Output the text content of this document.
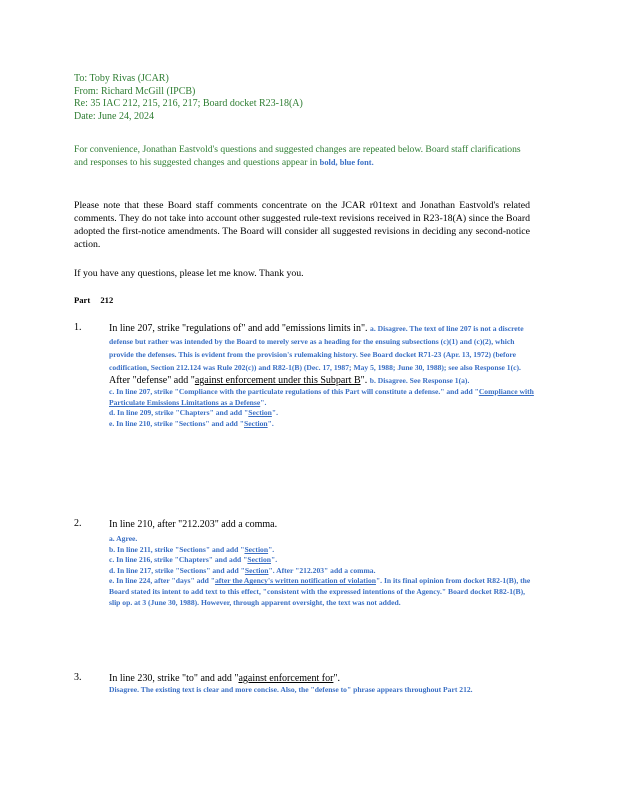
To: Toby Rivas (JCAR)
From: Richard McGill (IPCB)
Re: 35 IAC 212, 215, 216, 217; Board docket R23-18(A)
Date: June 24, 2024
For convenience, Jonathan Eastvold's questions and suggested changes are repeated below. Board staff clarifications and responses to his suggested changes and questions appear in bold, blue font.
Please note that these Board staff comments concentrate on the JCAR r01text and Jonathan Eastvold's related comments. They do not take into account other suggested rule-text revisions received in R23-18(A) since the Board adopted the first-notice amendments. The Board will consider all suggested revisions in deciding any second-notice action.
If you have any questions, please let me know. Thank you.
Part 212
1.	In line 207, strike "regulations of" and add "emissions limits in". a. Disagree. The text of line 207 is not a discrete defense but rather was intended by the Board to merely serve as a heading for the ensuing subsections (c)(1) and (c)(2), which provide the defenses. This is evident from the provision's rulemaking history. See Board docket R71-23 (Apr. 13, 1972) (before codification, Section 212.124 was Rule 202(c)) and R82-1(B) (Dec. 17, 1987; May 5, 1988; June 30, 1988); see also Response 1(c). After "defense" add "against enforcement under this Subpart B". b. Disagree. See Response 1(a).
c. In line 207, strike "Compliance with the particulate regulations of this Part will constitute a defense." and add "Compliance with Particulate Emissions Limitations as a Defense".
d. In line 209, strike "Chapters" and add "Section".
e. In line 210, strike "Sections" and add "Section".
2.	In line 210, after "212.203" add a comma.
a. Agree.
b. In line 211, strike "Sections" and add "Section".
c. In line 216, strike "Chapters" and add "Section".
d. In line 217, strike "Sections" and add "Section". After "212.203" add a comma.
e. In line 224, after "days" add "after the Agency's written notification of violation". In its final opinion from docket R82-1(B), the Board stated its intent to add text to this effect, "consistent with the expressed intentions of the Agency." Board docket R82-1(B), slip op. at 3 (June 30, 1988). However, through apparent oversight, the text was not added.
3.	In line 230, strike "to" and add "against enforcement for".
Disagree. The existing text is clear and more concise. Also, the "defense to" phrase appears throughout Part 212.
